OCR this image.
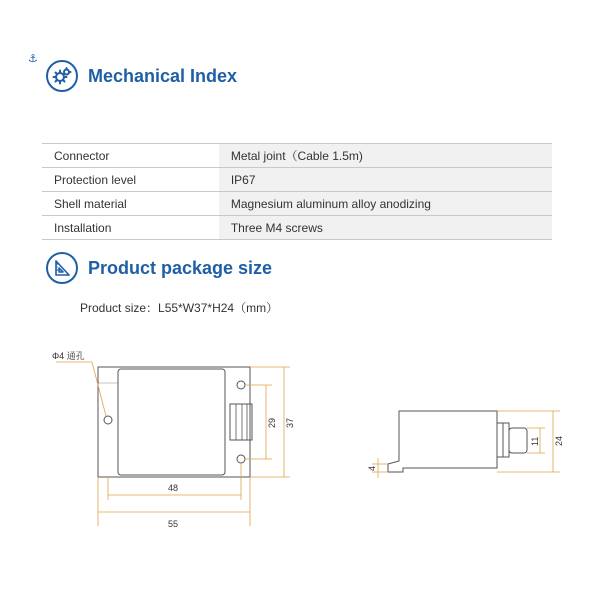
⚓
Mechanical Index
Connector	Metal joint（Cable 1.5m)
Protection level	IP67
Shell material	Magnesium aluminum alloy anodizing
Installation	Three M4 screws
Product package size
Product size：L55*W37*H24（mm）
Φ4 通孔
48
55
29 37
11 24
4
